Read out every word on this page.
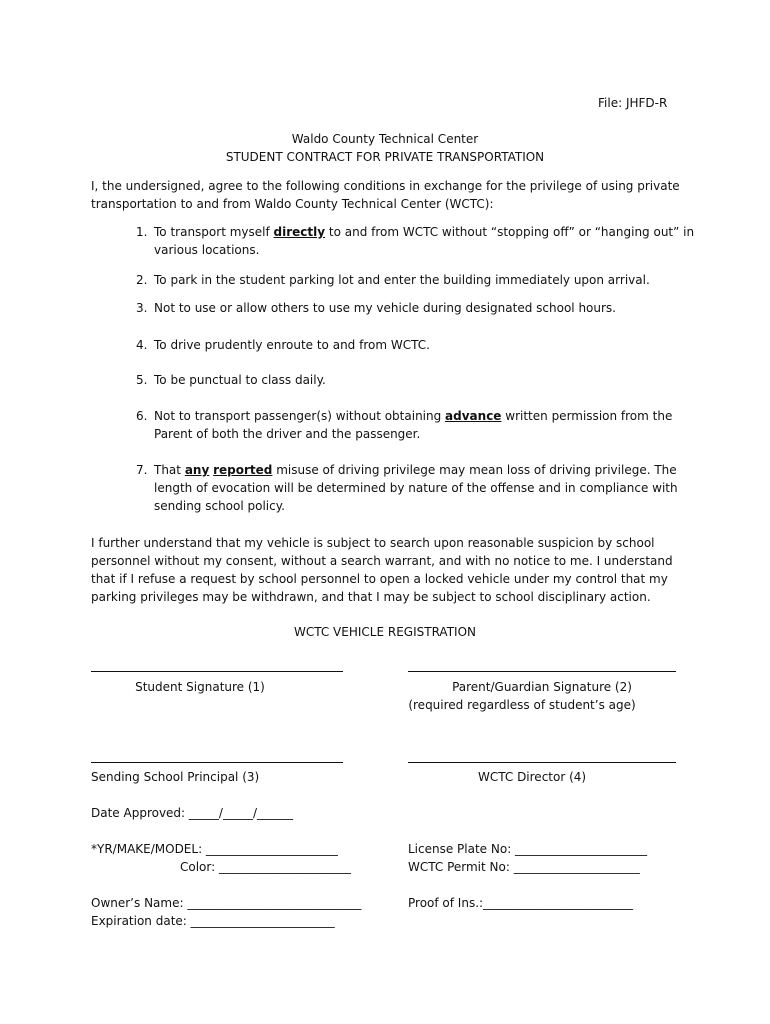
File: JHFD-R
Waldo County Technical Center
STUDENT CONTRACT FOR PRIVATE TRANSPORTATION
I, the undersigned, agree to the following conditions in exchange for the privilege of using private transportation to and from Waldo County Technical Center (WCTC):
1. To transport myself directly to and from WCTC without “stopping off” or “hanging out” in various locations.
2. To park in the student parking lot and enter the building immediately upon arrival.
3. Not to use or allow others to use my vehicle during designated school hours.
4. To drive prudently enroute to and from WCTC.
5. To be punctual to class daily.
6. Not to transport passenger(s) without obtaining advance written permission from the Parent of both the driver and the passenger.
7. That any reported misuse of driving privilege may mean loss of driving privilege. The length of evocation will be determined by nature of the offense and in compliance with sending school policy.
I further understand that my vehicle is subject to search upon reasonable suspicion by school personnel without my consent, without a search warrant, and with no notice to me. I understand that if I refuse a request by school personnel to open a locked vehicle under my control that my parking privileges may be withdrawn, and that I may be subject to school disciplinary action.
WCTC VEHICLE REGISTRATION
Student Signature (1)	Parent/Guardian Signature (2)
(required regardless of student’s age)
Sending School Principal (3)	WCTC Director (4)
Date Approved: _____/_____/______
*YR/MAKE/MODEL: ______________________	License Plate No: ______________________
Color: ______________________	WCTC Permit No: _____________________
Owner’s Name: _____________________________	Proof of Ins.:_________________________
Expiration date: ________________________
